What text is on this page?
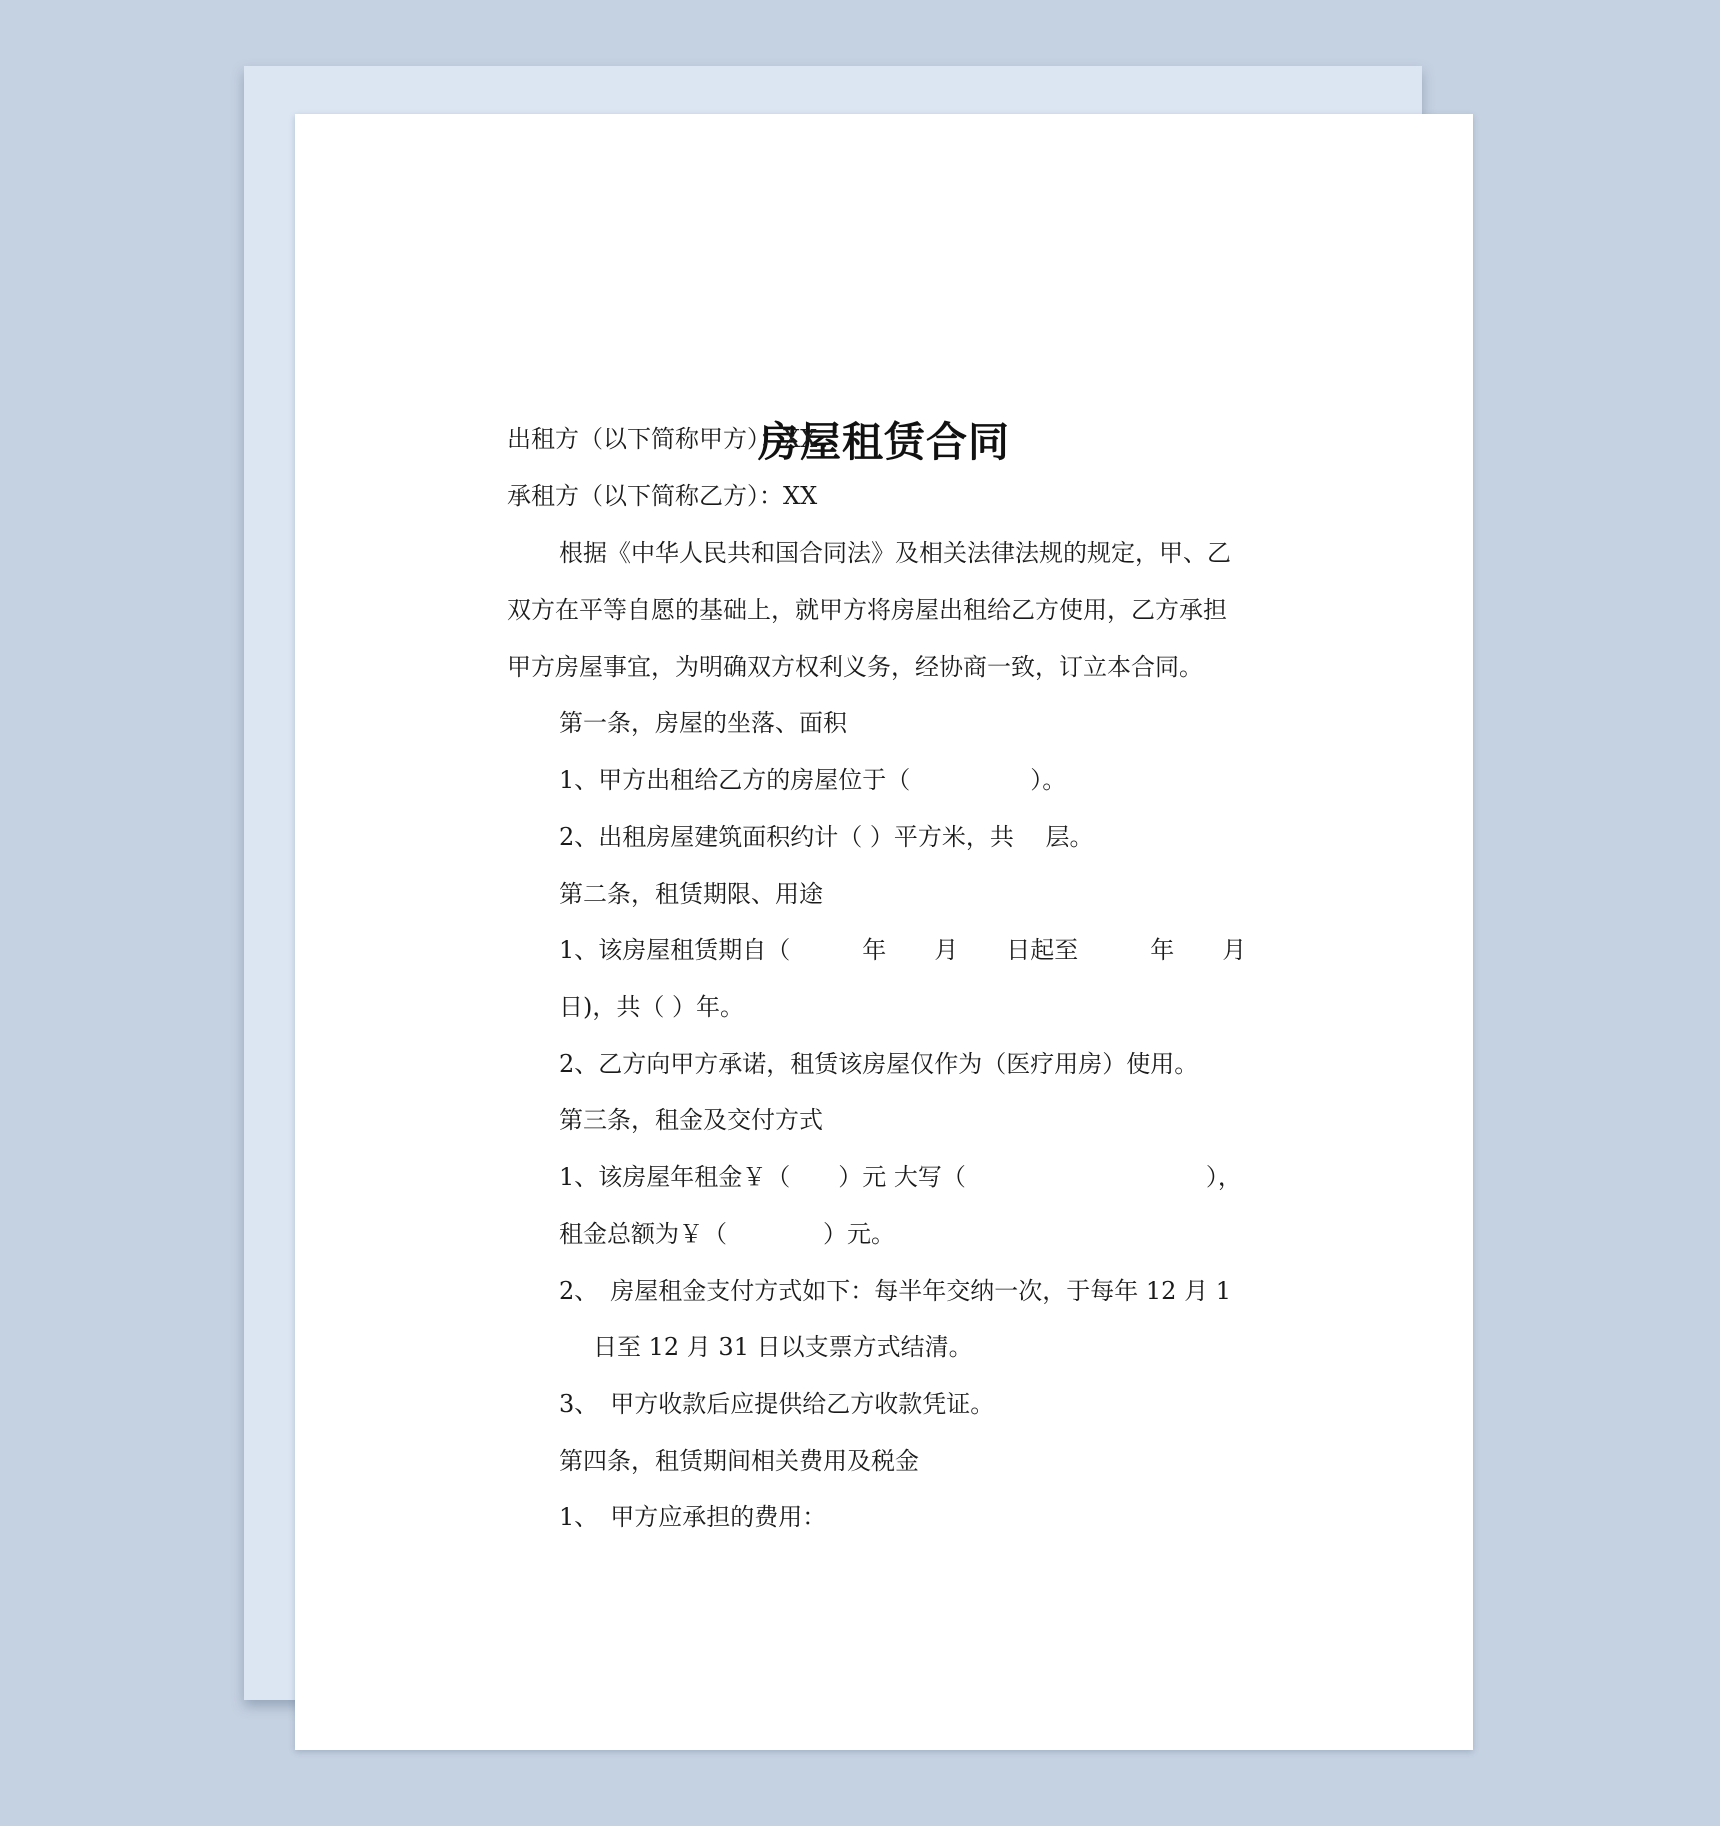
房屋租赁合同

出租方（以下简称甲方）：XX

承租方（以下简称乙方）：XX

根据《中华人民共和国合同法》及相关法律法规的规定，甲、乙

双方在平等自愿的基础上，就甲方将房屋出租给乙方使用，乙方承担

甲方房屋事宜，为明确双方权利义务，经协商一致，订立本合同。

第一条，房屋的坐落、面积

1、甲方出租给乙方的房屋位于（　　　　　）。

2、出租房屋建筑面积约计（ ）平方米，共　 层。

第二条，租赁期限、用途

1、该房屋租赁期自（　　　年　　月　　日起至　　　年　　月

日)，共（ ）年。

2、乙方向甲方承诺，租赁该房屋仅作为（医疗用房）使用。

第三条，租金及交付方式

1、该房屋年租金￥（　　）元 大写（　　　　　　　　　　），

租金总额为￥（　　　　）元。

2、　房屋租金支付方式如下：每半年交纳一次，于每年 12 月 1

日至 12 月 31 日以支票方式结清。

3、　甲方收款后应提供给乙方收款凭证。

第四条，租赁期间相关费用及税金

1、　甲方应承担的费用：
